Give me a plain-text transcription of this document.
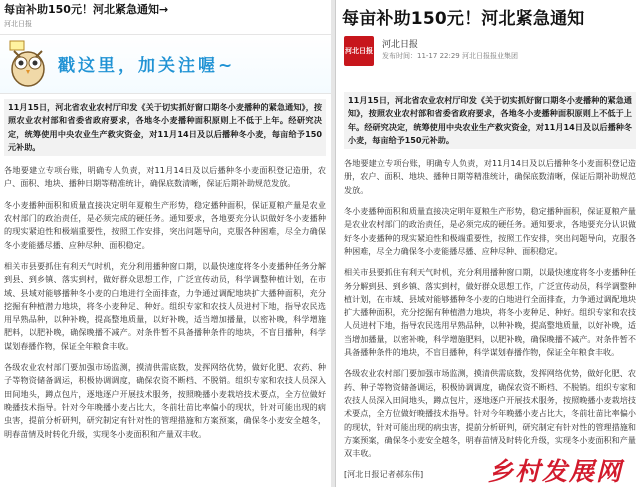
每亩补助150元！河北紧急通知→
河北日报
戳这里，加关注喔~

11月15日，河北省农业农村厅印发《关于切实抓好窗口期冬小麦播种的紧急通知》，按照农业农村部和省委省政府要求，各地冬小麦播种面积原则上不低于上年。经研究决定，统筹使用中央农业生产救灾资金，对11月14日及以后播种冬小麦，每亩给予150元补助。

各地要建立专项台账，明确专人负责，对11月14日及以后播种冬小麦面积登记造册，农户、面积、地块、播种日期等精准统计，确保底数清晰，保证后期补助规范发放。

冬小麦播种面积和质量直接决定明年夏粮生产形势，稳定播种面积，保证夏粮产量是农业农村部门的政治责任，是必须完成的硬任务。通知要求，各地要充分认识做好冬小麦播种的现实紧迫性和极端重要性，按照工作安排，突出问题导向，克服各种困难，尽全力确保冬小麦能播尽播、应种尽种、面积稳定。

相关市县要抓住有利天气时机，充分利用播种窗口期，以最快速度将冬小麦播种任务分解到县、到乡镇、落实到村，做好群众思想工作，广泛宣传动员，科学调整种植计划，在市域、县域对能够播种冬小麦的白地进行全面排查，力争通过调配地块扩大播种面积，充分挖掘有种植潜力地块，将冬小麦种足、种好。组织专家和农技人员进村下地，指导农民选用早熟品种，以种补晚，提高整地质量，以好补晚，适当增加播量，以密补晚，科学增施肥料，以肥补晚，确保晚播不减产。对条件暂不具备播种条件的地块，不盲目播种，科学谋划春播作物，保证全年粮食丰收。

各级农业农村部门要加强市场监测，摸清供需底数，发挥网络优势，做好化肥、农药、种子等物资储备调运，积极协调调度，确保农资不断档、不脱销。组织专家和农技人员深入田间地头，蹲点包片，逐地逐户开展技术服务，按照晚播小麦栽培技术要点，全方位做好晚播技术指导。针对今年晚播小麦占比大，冬前壮苗比率偏小的现状，针对可能出现的病虫害，提前分析研判，研究制定有针对性的管理措施和方案预案，确保冬小麦安全越冬，明春苗情及时转化升级，实现冬小麦面积和产量双丰收。

每亩补助150元！河北紧急通知
河北日报
河北日报
发布时间：11-17 22:29 河北日报报业集团

11月15日，河北省农业农村厅印发《关于切实抓好窗口期冬小麦播种的紧急通知》，按照农业农村部和省委省政府要求，各地冬小麦播种面积原则上不低于上年。经研究决定，统筹使用中央农业生产救灾资金，对11月14日及以后播种冬小麦，每亩给予150元补助。

各地要建立专项台账，明确专人负责，对11月14日及以后播种冬小麦面积登记造册，农户、面积、地块、播种日期等精准统计，确保底数清晰，保证后期补助规范发放。

冬小麦播种面积和质量直接决定明年夏粮生产形势，稳定播种面积，保证夏粮产量是农业农村部门的政治责任，是必须完成的硬任务。通知要求，各地要充分认识做好冬小麦播种的现实紧迫性和极端重要性，按照工作安排，突出问题导向，克服各种困难，尽全力确保冬小麦能播尽播、应种尽种、面积稳定。

相关市县要抓住有利天气时机，充分利用播种窗口期，以最快速度将冬小麦播种任务分解到县、到乡镇、落实到村，做好群众思想工作，广泛宣传动员，科学调整种植计划，在市域、县域对能够播种冬小麦的白地进行全面排查，力争通过调配地块扩大播种面积，充分挖掘有种植潜力地块，将冬小麦种足、种好。组织专家和农技人员进村下地，指导农民选用早熟品种，以种补晚，提高整地质量，以好补晚，适当增加播量，以密补晚，科学增施肥料，以肥补晚，确保晚播不减产。对条件暂不具备播种条件的地块，不盲目播种，科学谋划春播作物，保证全年粮食丰收。

各级农业农村部门要加强市场监测，摸清供需底数，发挥网络优势，做好化肥、农药、种子等物资储备调运，积极协调调度，确保农资不断档、不脱销。组织专家和农技人员深入田间地头，蹲点包片，逐地逐户开展技术服务，按照晚播小麦栽培技术要点，全方位做好晚播技术指导。针对今年晚播小麦占比大，冬前壮苗比率偏小的现状，针对可能出现的病虫害，提前分析研判，研究制定有针对性的管理措施和方案预案，确保冬小麦安全越冬，明春苗情及时转化升级，实现冬小麦面积和产量双丰收。

[河北日报记者郝东伟]	乡村发展网
